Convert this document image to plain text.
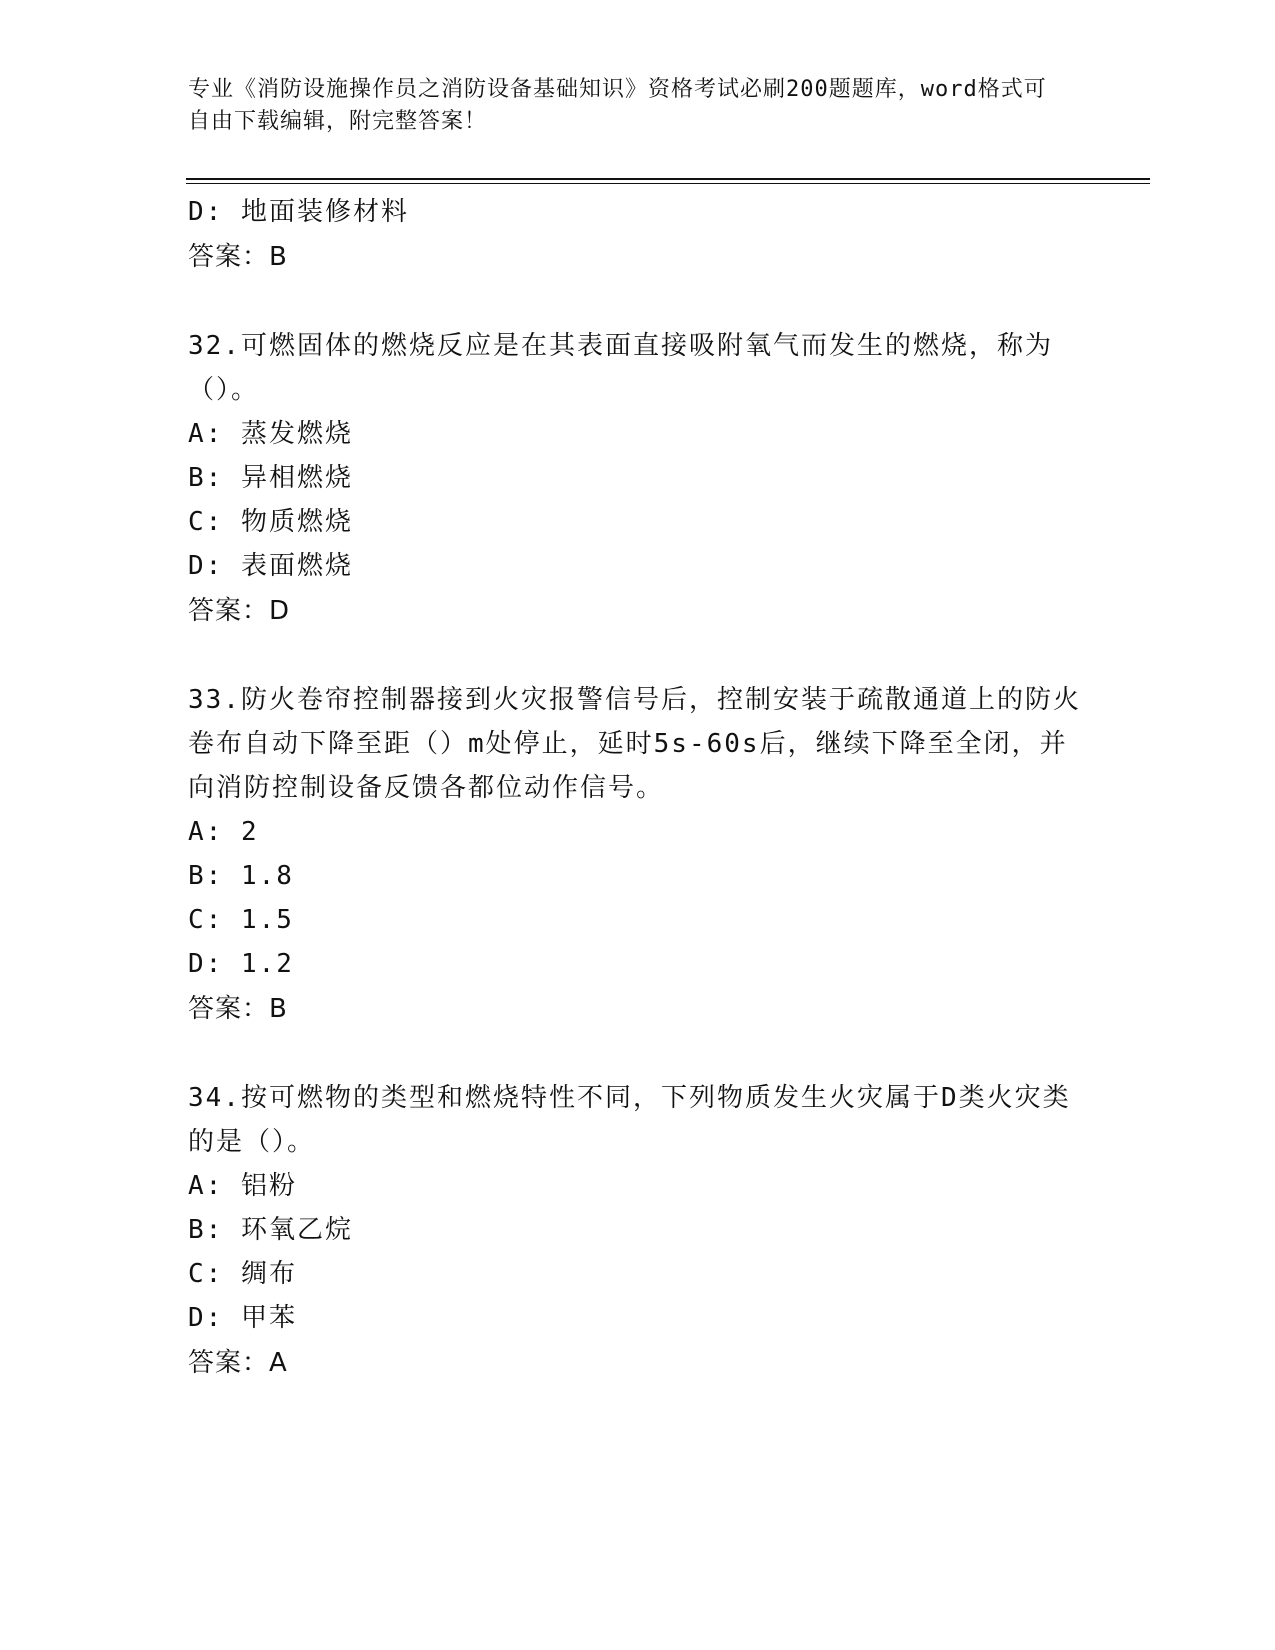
专业《消防设施操作员之消防设备基础知识》资格考试必刷200题题库，word格式可自由下载编辑，附完整答案！
D: 地面装修材料
答案：B
32.可燃固体的燃烧反应是在其表面直接吸附氧气而发生的燃烧，称为（）。
A: 蒸发燃烧
B: 异相燃烧
C: 物质燃烧
D: 表面燃烧
答案：D
33.防火卷帘控制器接到火灾报警信号后，控制安装于疏散通道上的防火卷布自动下降至距（）m处停止，延时5s-60s后，继续下降至全闭，并向消防控制设备反馈各都位动作信号。
A: 2
B: 1.8
C: 1.5
D: 1.2
答案：B
34.按可燃物的类型和燃烧特性不同，下列物质发生火灾属于D类火灾类的是（）。
A: 铝粉
B: 环氧乙烷
C: 绸布
D: 甲苯
答案：A
